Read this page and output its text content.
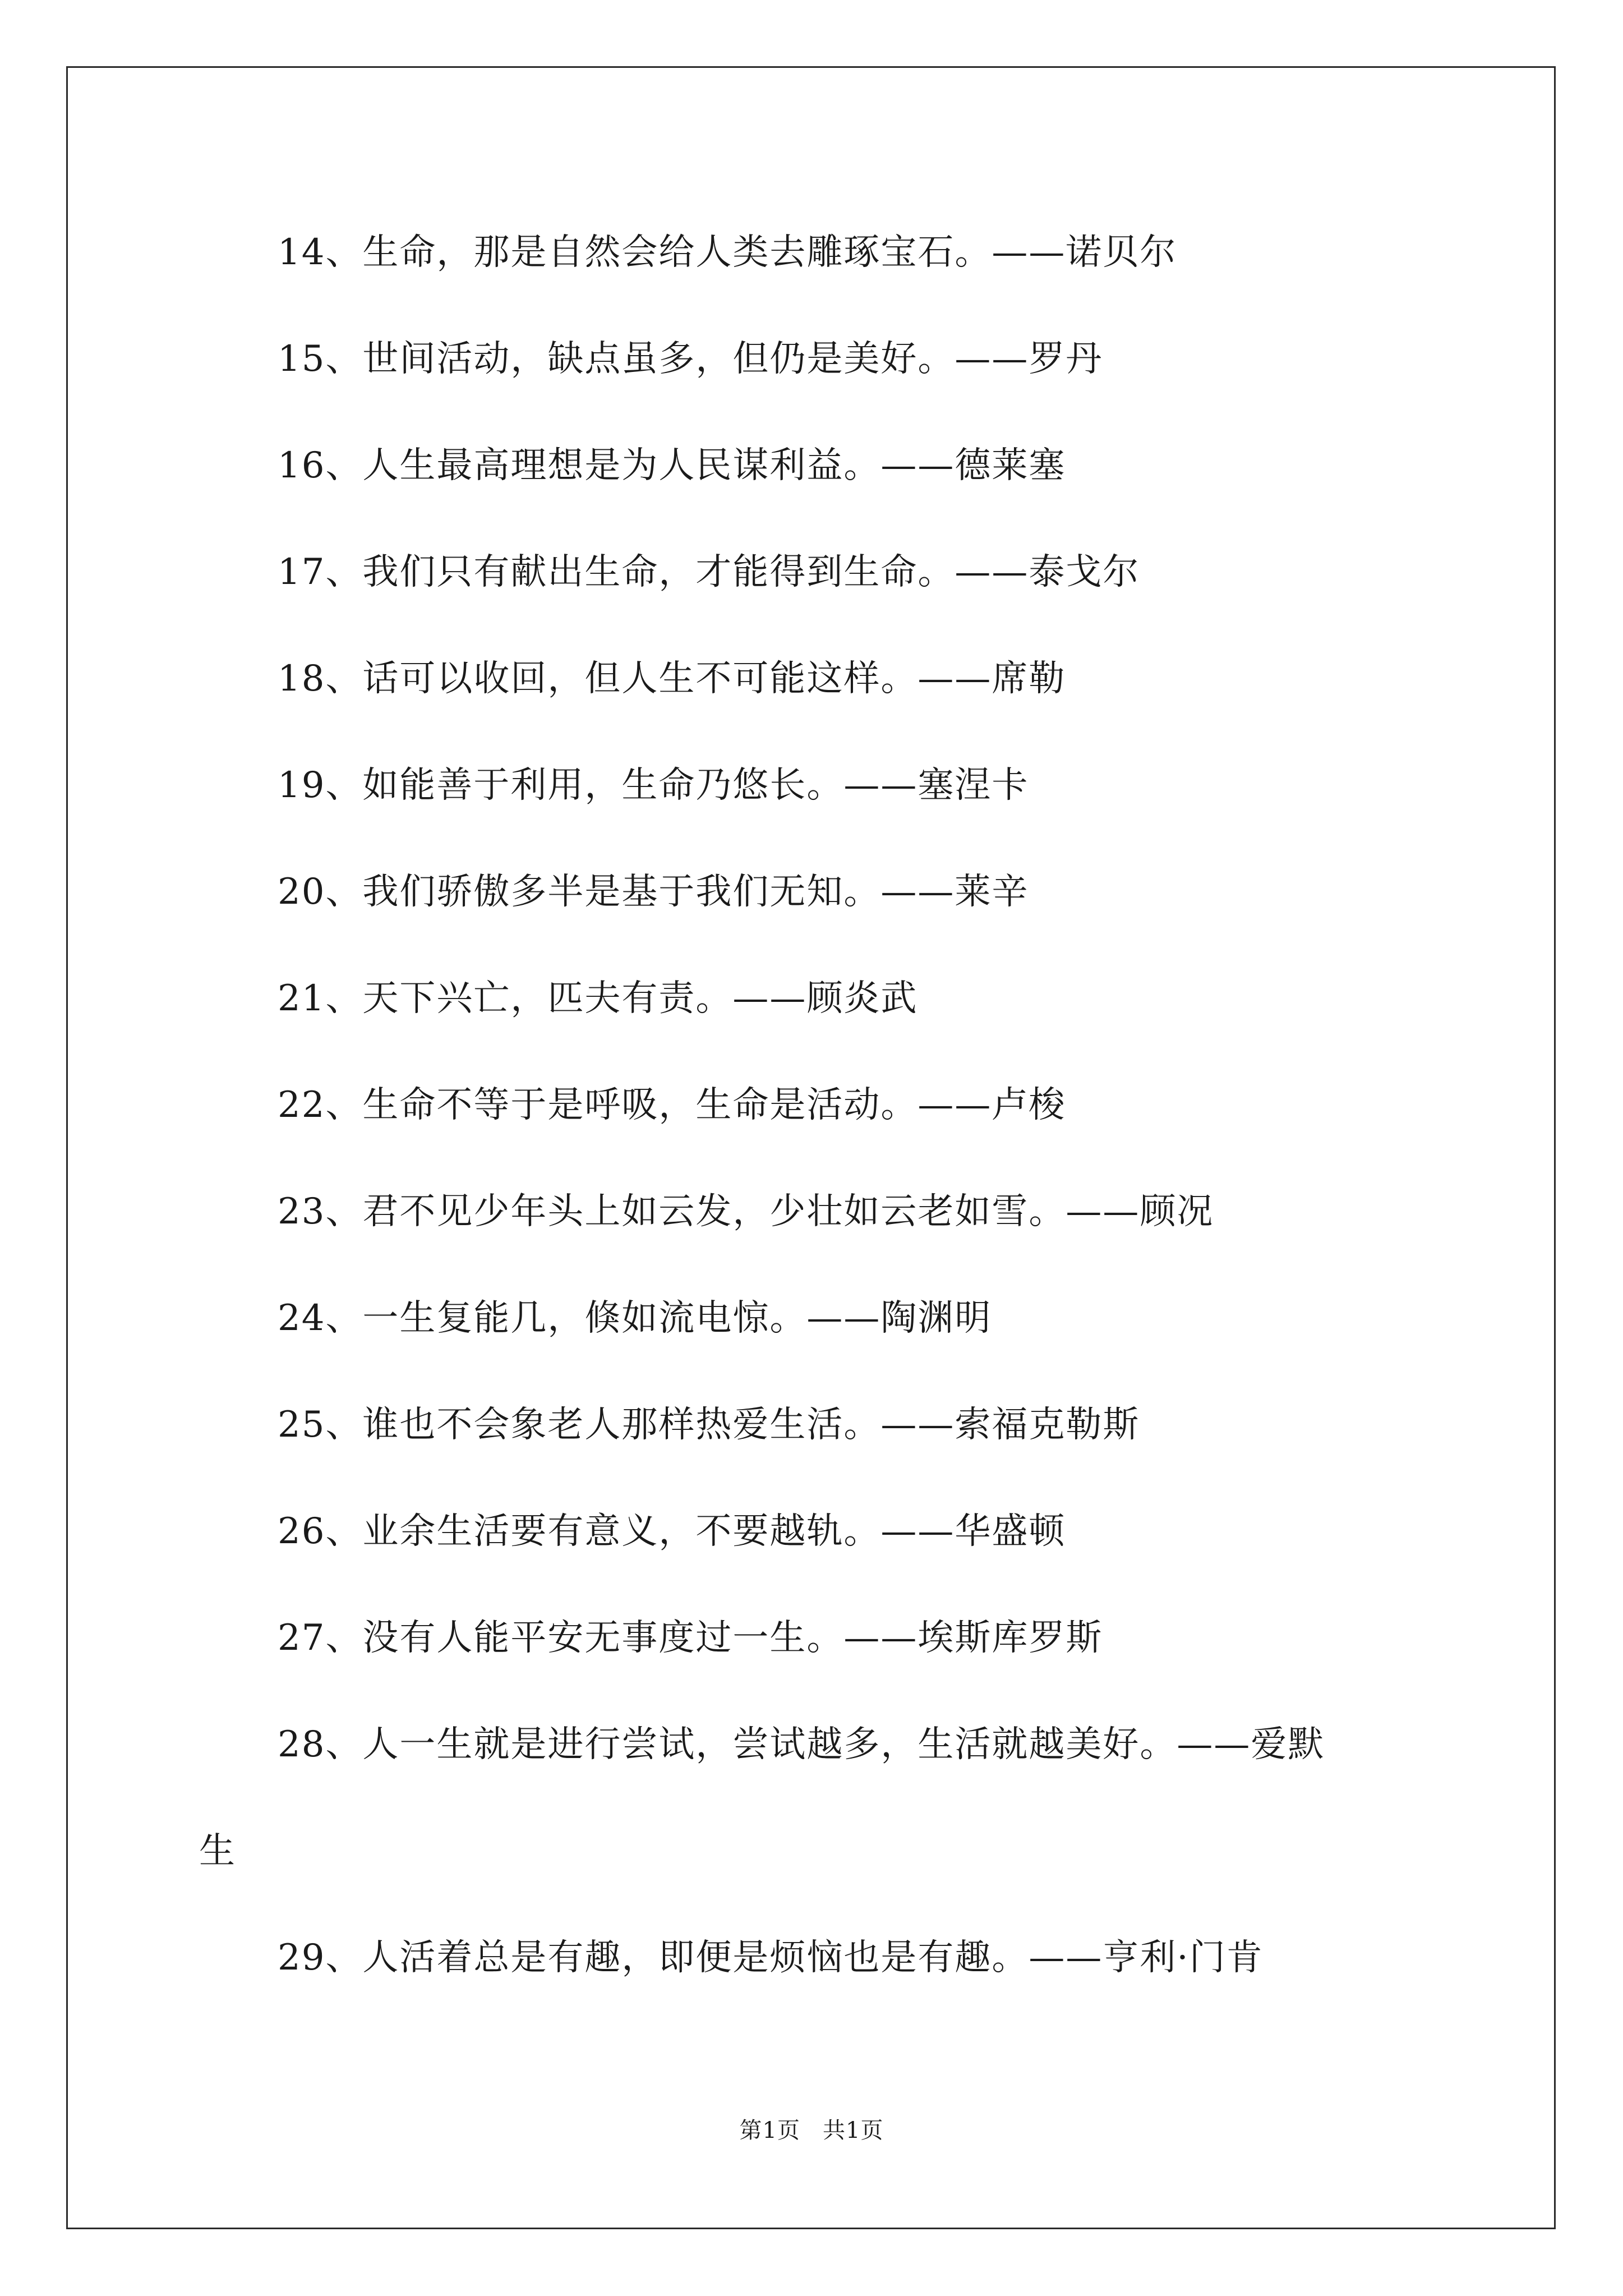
14、生命，那是自然会给人类去雕琢宝石。——诺贝尔
15、世间活动，缺点虽多，但仍是美好。——罗丹
16、人生最高理想是为人民谋利益。——德莱塞
17、我们只有献出生命，才能得到生命。——泰戈尔
18、话可以收回，但人生不可能这样。——席勒
19、如能善于利用，生命乃悠长。——塞涅卡
20、我们骄傲多半是基于我们无知。——莱辛
21、天下兴亡，匹夫有责。——顾炎武
22、生命不等于是呼吸，生命是活动。——卢梭
23、君不见少年头上如云发，少壮如云老如雪。——顾况
24、一生复能几，倏如流电惊。——陶渊明
25、谁也不会象老人那样热爱生活。——索福克勒斯
26、业余生活要有意义，不要越轨。——华盛顿
27、没有人能平安无事度过一生。——埃斯库罗斯
28、人一生就是进行尝试，尝试越多，生活就越美好。——爱默
生
29、人活着总是有趣，即便是烦恼也是有趣。——亨利·门肯
第1页 共1页
